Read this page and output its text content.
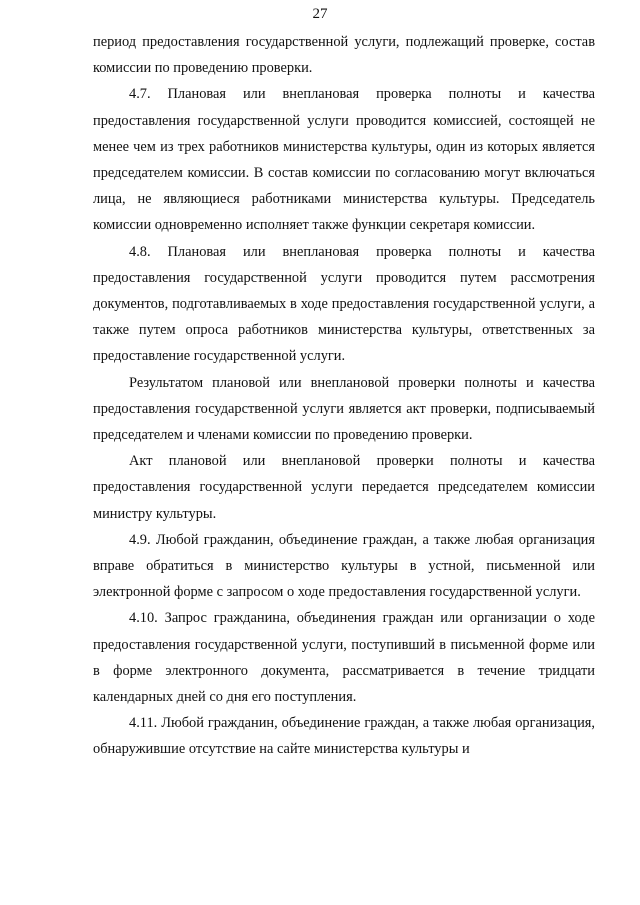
27

период предоставления государственной услуги, подлежащий проверке, состав комиссии по проведению проверки.

4.7. Плановая или внеплановая проверка полноты и качества предоставления государственной услуги проводится комиссией, состоящей не менее чем из трех работников министерства культуры, один из которых является председателем комиссии. В состав комиссии по согласованию могут включаться лица, не являющиеся работниками министерства культуры. Председатель комиссии одновременно исполняет также функции секретаря комиссии.

4.8. Плановая или внеплановая проверка полноты и качества предоставления государственной услуги проводится путем рассмотрения документов, подготавливаемых в ходе предоставления государственной услуги, а также путем опроса работников министерства культуры, ответственных за предоставление государственной услуги.

Результатом плановой или внеплановой проверки полноты и качества предоставления государственной услуги является акт проверки, подписываемый председателем и членами комиссии по проведению проверки.

Акт плановой или внеплановой проверки полноты и качества предоставления государственной услуги передается председателем комиссии министру культуры.

4.9. Любой гражданин, объединение граждан, а также любая организация вправе обратиться в министерство культуры в устной, письменной или электронной форме с запросом о ходе предоставления государственной услуги.

4.10. Запрос гражданина, объединения граждан или организации о ходе предоставления государственной услуги, поступивший в письменной форме или в форме электронного документа, рассматривается в течение тридцати календарных дней со дня его поступления.

4.11. Любой гражданин, объединение граждан, а также любая организация, обнаружившие отсутствие на сайте министерства культуры и
